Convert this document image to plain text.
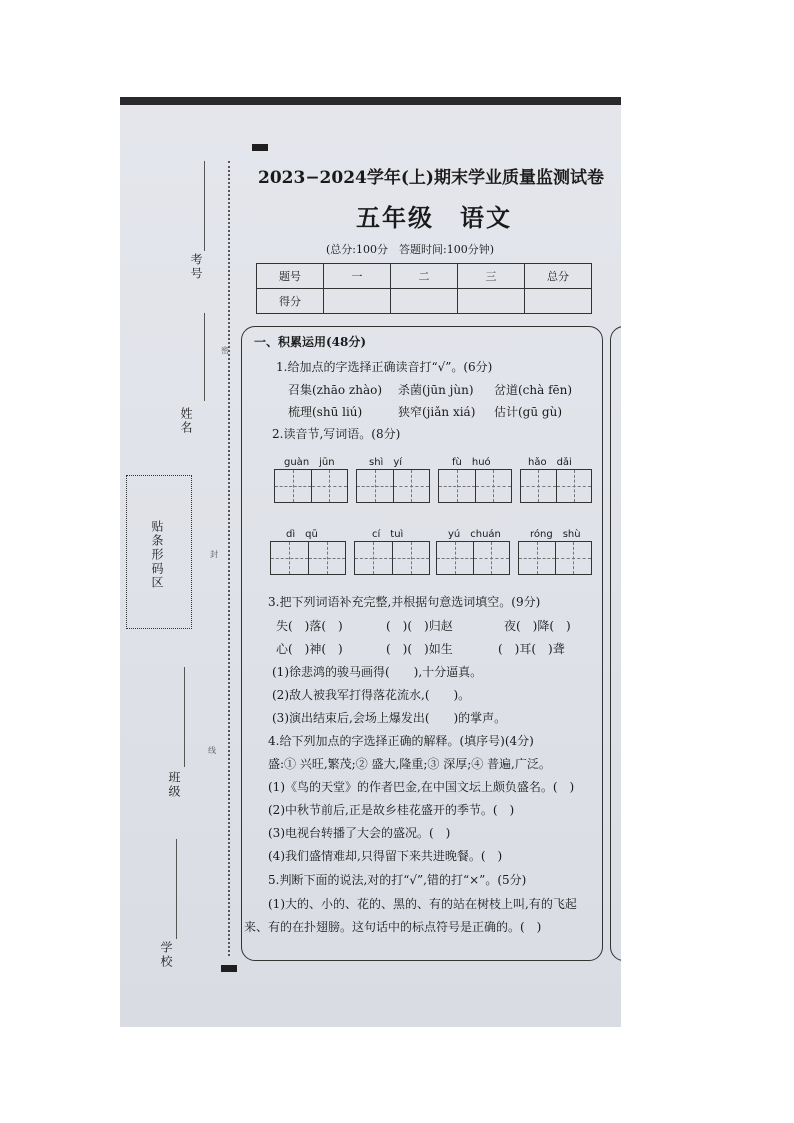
考号
姓名
贴条形码区
班级
学校
密
封
线
2023−2024学年(上)期末学业质量监测试卷
五年级　语文
(总分:100分　答题时间:100分钟)
题号	一	二	三	总分
得分				
一、积累运用(48分)
1.给加点的字选择正确读音打“√”。(6分)
召集(zhāo zhào) 杀菌(jūn jùn) 岔道(chà fēn)
梳理(shū liú)	狭窄(jiǎn xiá) 估计(gū gù)
2.读音节,写词语。(8分)
guàn　jūn	shì　yí	fù　huó	hǎo　dǎi
dì　qū	cí　tuì	yú　chuán	róng　shù
3.把下列词语补充完整,并根据句意选词填空。(9分)
失(　)落(　)	(　)(　)归赵	夜(　)降(　)
心(　)神(　)	(　)(　)如生	(　)耳(　)聋
(1)徐悲鸿的骏马画得(　　),十分逼真。
(2)敌人被我军打得落花流水,(　　)。
(3)演出结束后,会场上爆发出(　　)的掌声。
4.给下列加点的字选择正确的解释。(填序号)(4分)
盛:① 兴旺,繁茂;② 盛大,隆重;③ 深厚;④ 普遍,广泛。
(1)《鸟的天堂》的作者巴金,在中国文坛上颇负盛名。(　)
(2)中秋节前后,正是故乡桂花盛开的季节。(　)
(3)电视台转播了大会的盛况。(　)
(4)我们盛情难却,只得留下来共进晚餐。(　)
5.判断下面的说法,对的打“√”,错的打“×”。(5分)
(1)大的、小的、花的、黑的、有的站在树枝上叫,有的飞起
来、有的在扑翅膀。这句话中的标点符号是正确的。(　)
